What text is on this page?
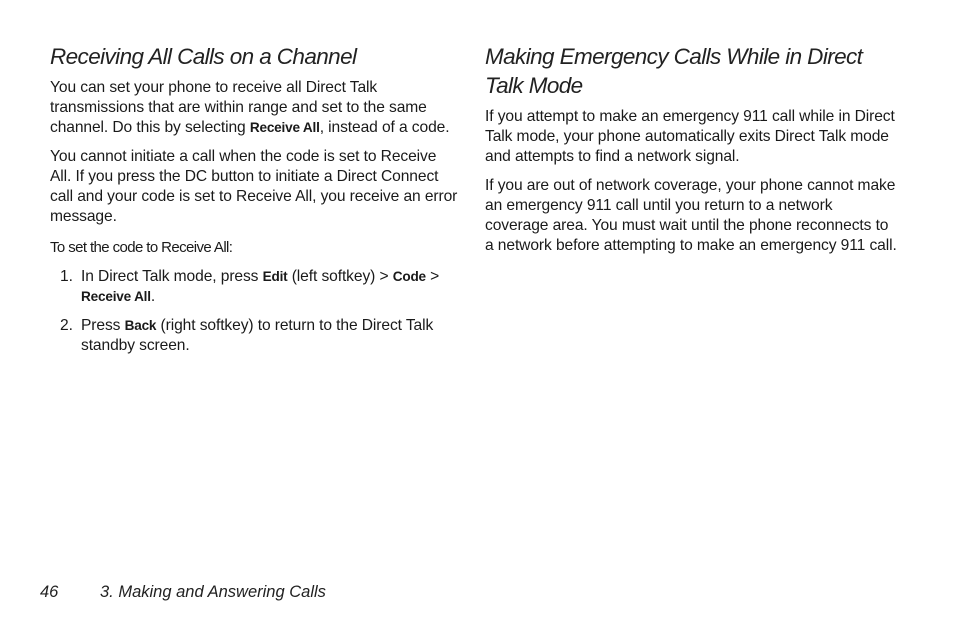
Receiving All Calls on a Channel

You can set your phone to receive all Direct Talk transmissions that are within range and set to the same channel. Do this by selecting Receive All, instead of a code.

You cannot initiate a call when the code is set to Receive All. If you press the DC button to initiate a Direct Connect call and your code is set to Receive All, you receive an error message.

To set the code to Receive All:

1. In Direct Talk mode, press Edit (left softkey) > Code > Receive All.
2. Press Back (right softkey) to return to the Direct Talk standby screen.
Making Emergency Calls While in Direct Talk Mode

If you attempt to make an emergency 911 call while in Direct Talk mode, your phone automatically exits Direct Talk mode and attempts to find a network signal.

If you are out of network coverage, your phone cannot make an emergency 911 call until you return to a network coverage area. You must wait until the phone reconnects to a network before attempting to make an emergency 911 call.

46	3. Making and Answering Calls
